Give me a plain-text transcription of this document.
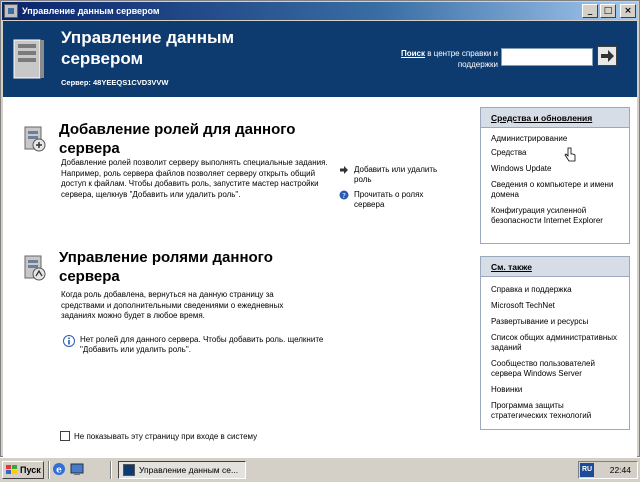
Управление данным сервером	_	□	×
Управление данным сервером
Сервер: 48YEEQS1CVD3VVW
Поиск в центре справки и поддержки
Добавление ролей для данного сервера
Добавление ролей позволит серверу выполнять специальные задания. Например, роль сервера файлов позволяет серверу открыть общий доступ к файлам. Чтобы добавить роль, запустите мастер настройки сервера, щелкнув "Добавить или удалить роль".
Добавить или удалить роль
? Прочитать о ролях сервера
Управление ролями данного сервера
Когда роль добавлена, вернуться на данную страницу за средствами и дополнительными сведениями о ежедневных заданиях можно будет в любое время.
Нет ролей для данного сервера. Чтобы добавить роль. щелкните "Добавить или удалить роль".
Не показывать эту страницу при входе в систему
Средства и обновления
Администрирование
Средства
Windows Update
Сведения о компьютере и имени домена
Конфигурация усиленной безопасности Internet Explorer
См. также
Справка и поддержка
Microsoft TechNet
Развертывание и ресурсы
Список общих административных заданий
Сообщество пользователей сервера Windows Server
Новинки
Программа защиты стратегических технологий
Пуск e	Управление данным се...	RU 22:44
